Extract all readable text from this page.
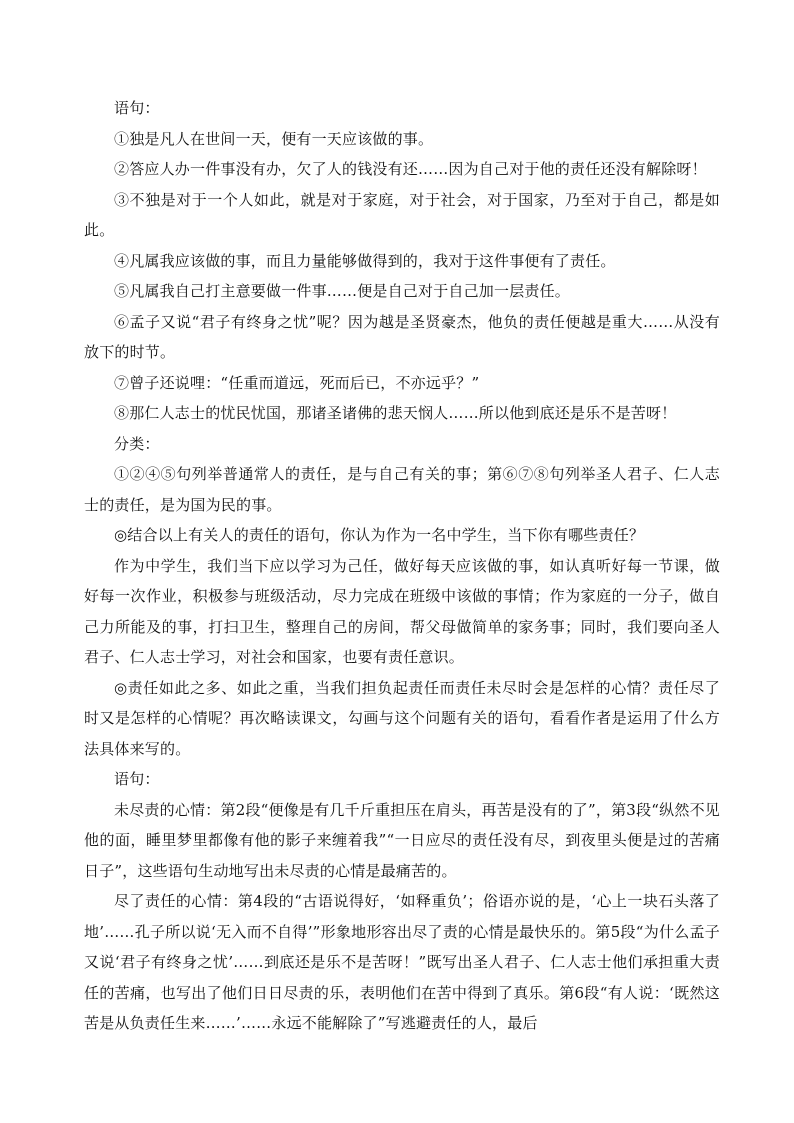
语句：

①独是凡人在世间一天，便有一天应该做的事。

②答应人办一件事没有办，欠了人的钱没有还……因为自己对于他的责任还没有解除呀！

③不独是对于一个人如此，就是对于家庭，对于社会，对于国家，乃至对于自己，都是如此。

④凡属我应该做的事，而且力量能够做得到的，我对于这件事便有了责任。

⑤凡属我自己打主意要做一件事……便是自己对于自己加一层责任。

⑥孟子又说“君子有终身之忧”呢？因为越是圣贤豪杰，他负的责任便越是重大……从没有放下的时节。

⑦曾子还说哩：“任重而道远，死而后已，不亦远乎？”

⑧那仁人志士的忧民忧国，那诸圣诸佛的悲天悯人……所以他到底还是乐不是苦呀！

分类：

①②④⑤句列举普通常人的责任，是与自己有关的事；第⑥⑦⑧句列举圣人君子、仁人志士的责任，是为国为民的事。

◎结合以上有关人的责任的语句，你认为作为一名中学生，当下你有哪些责任？

作为中学生，我们当下应以学习为己任，做好每天应该做的事，如认真听好每一节课，做好每一次作业，积极参与班级活动，尽力完成在班级中该做的事情；作为家庭的一分子，做自己力所能及的事，打扫卫生，整理自己的房间，帮父母做简单的家务事；同时，我们要向圣人君子、仁人志士学习，对社会和国家，也要有责任意识。

◎责任如此之多、如此之重，当我们担负起责任而责任未尽时会是怎样的心情？责任尽了时又是怎样的心情呢？再次略读课文，勾画与这个问题有关的语句，看看作者是运用了什么方法具体来写的。

语句：

未尽责的心情：第2段“便像是有几千斤重担压在肩头，再苦是没有的了”，第3段“纵然不见他的面，睡里梦里都像有他的影子来缠着我”“一日应尽的责任没有尽，到夜里头便是过的苦痛日子”，这些语句生动地写出未尽责的心情是最痛苦的。

尽了责任的心情：第4段的“古语说得好，‘如释重负’；俗语亦说的是，‘心上一块石头落了地’……孔子所以说‘无入而不自得’”形象地形容出尽了责的心情是最快乐的。第5段“为什么孟子又说‘君子有终身之忧’……到底还是乐不是苦呀！”既写出圣人君子、仁人志士他们承担重大责任的苦痛，也写出了他们日日尽责的乐，表明他们在苦中得到了真乐。第6段“有人说：‘既然这苦是从负责任生来……’……永远不能解除了”写逃避责任的人，最后
